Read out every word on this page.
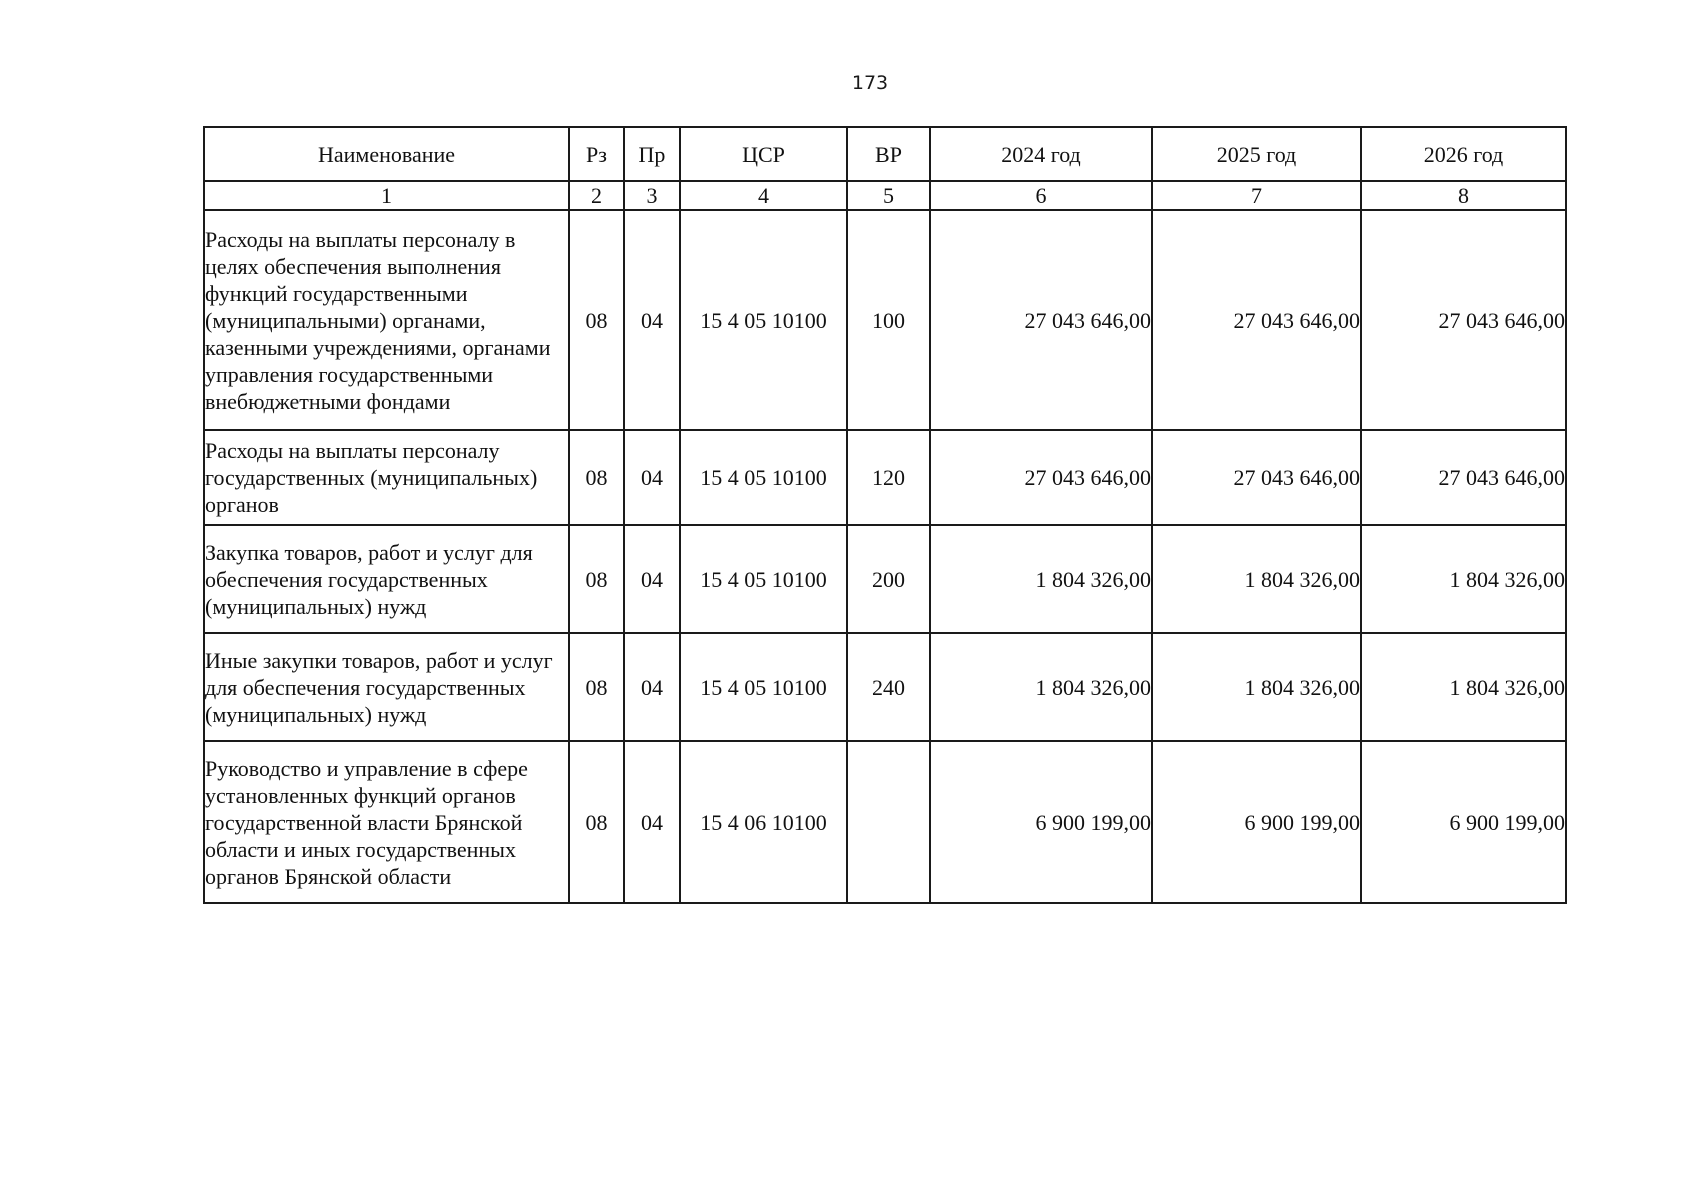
173
Наименование	Рз	Пр	ЦСР	ВР	2024 год	2025 год	2026 год
1	2	3	4	5	6	7	8
Расходы на выплаты персоналу в целях обеспечения выполнения функций государственными (муниципальными) органами, казенными учреждениями, органами управления государственными внебюджетными фондами	08	04	15 4 05 10100	100	27 043 646,00	27 043 646,00	27 043 646,00
Расходы на выплаты персоналу государственных (муниципальных) органов	08	04	15 4 05 10100	120	27 043 646,00	27 043 646,00	27 043 646,00
Закупка товаров, работ и услуг для обеспечения государственных (муниципальных) нужд	08	04	15 4 05 10100	200	1 804 326,00	1 804 326,00	1 804 326,00
Иные закупки товаров, работ и услуг для обеспечения государственных (муниципальных) нужд	08	04	15 4 05 10100	240	1 804 326,00	1 804 326,00	1 804 326,00
Руководство и управление в сфере установленных функций органов государственной власти Брянской области и иных государственных органов Брянской области	08	04	15 4 06 10100		6 900 199,00	6 900 199,00	6 900 199,00
